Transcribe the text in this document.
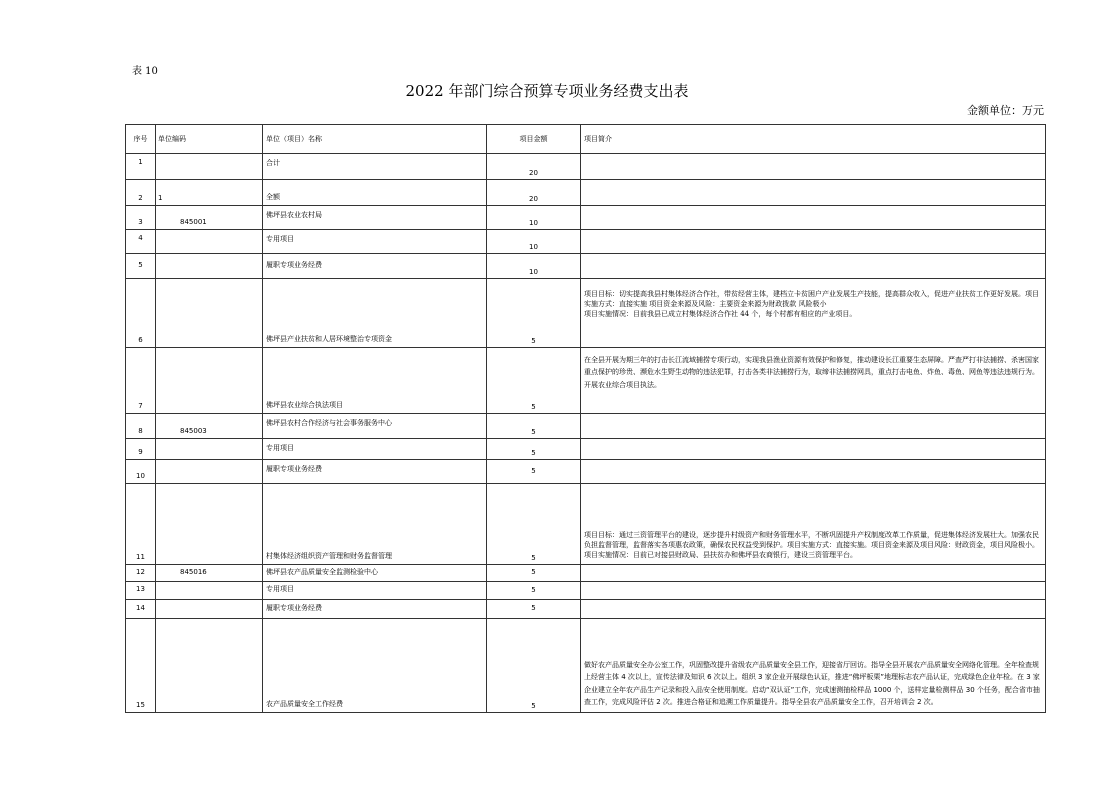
表 10
2022 年部门综合预算专项业务经费支出表
金额单位：万元
序号	单位编码	单位（项目）名称	项目金额	项目简介
1		合计	20	
2	1	全额	20	
3	845001	佛坪县农业农村局	10	
4		专用项目	10	
5		履职专项业务经费	10	
6		佛坪县产业扶贫和人居环境整治专项资金	5	项目目标：切实提高我县村集体经济合作社，带贫经营主体，建档立卡贫困户产业发展生产技能，提高群众收入，促进产业扶贫工作更好发展。项目实施方式：直接实施 项目资金来源及风险：主要资金来源为财政拨款 风险极小
项目实施情况：目前我县已成立村集体经济合作社 44 个，每个村都有相应的产业项目。
7		佛坪县农业综合执法项目	5	在全县开展为期三年的打击长江流域捕捞专项行动，实现我县渔业资源有效保护和修复，推动建设长江重要生态屏障。严查严打非法捕捞、杀害国家重点保护的珍贵、濒危水生野生动物的违法犯罪，打击各类非法捕捞行为，取缔非法捕捞网具，重点打击电鱼、炸鱼、毒鱼、网鱼等违法违规行为。开展农业综合项目执法。
8	845003	佛坪县农村合作经济与社会事务服务中心	5	
9		专用项目	5	
10		履职专项业务经费	5	
11		村集体经济组织资产管理和财务监督管理	5	项目目标：通过三资管理平台的建设，逐步提升村级资产和财务管理水平，不断巩固提升产权制度改革工作质量，促进集体经济发展壮大。加强农民负担监督管理，监督落实各项惠农政策，确保农民权益受到保护。项目实施方式：直接实施。项目资金来源及项目风险：财政资金，项目风险极小。项目实施情况：目前已对接县财政局、县扶贫办和佛坪县农商银行，建设三资管理平台。
12	845016	佛坪县农产品质量安全监测检验中心	5	
13		专用项目	5	
14		履职专项业务经费	5	
15		农产品质量安全工作经费	5	做好农产品质量安全办公室工作，巩固整改提升省级农产品质量安全县工作，迎接省厅回访。指导全县开展农产品质量安全网络化管理。全年检查规上经营主体 4 次以上，宣传法律及知识 6 次以上。组织 3 家企业开展绿色认证，推进“佛坪板栗”地理标志农产品认证，完成绿色企业年检。在 3 家企业建立全年农产品生产记录和投入品安全使用制度。启动“双认证”工作，完成速测抽检样品 1000 个，送样定量检测样品 30 个任务，配合省市抽查工作，完成风险评估 2 次。推进合格证和追溯工作质量提升。指导全县农产品质量安全工作，召开培训会 2 次。
